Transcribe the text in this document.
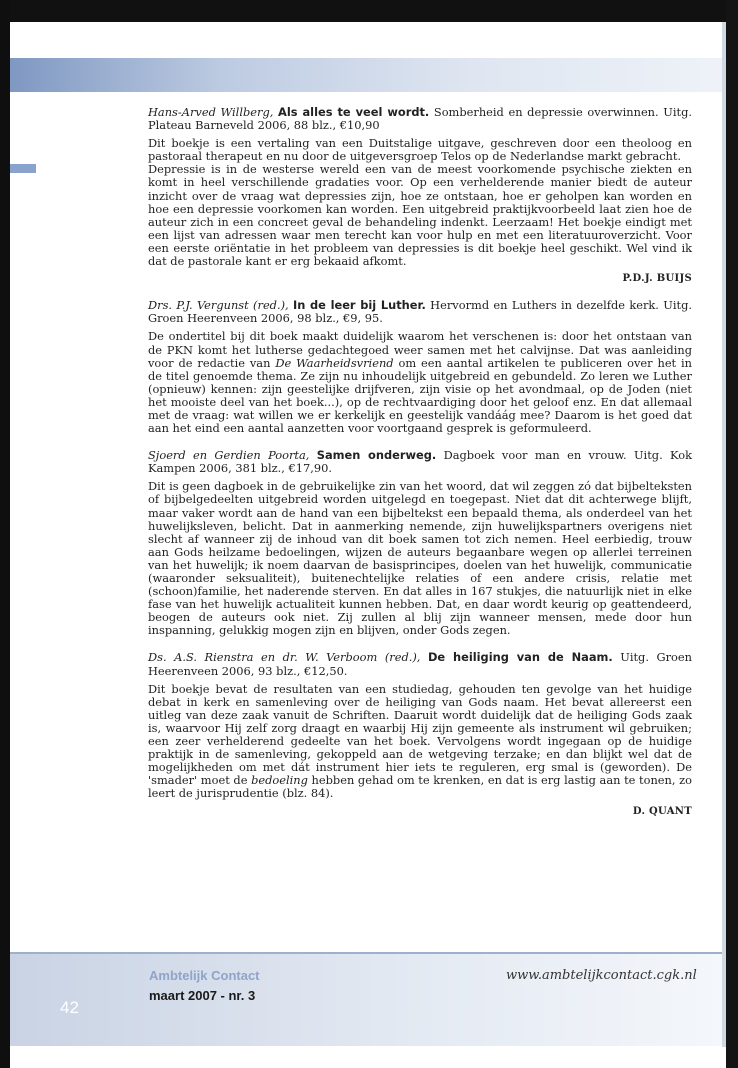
Hans-Arved Willberg, Als alles te veel wordt. Somberheid en depressie overwinnen. Uitg. Plateau Barneveld 2006, 88 blz., €10,90

Dit boekje is een vertaling van een Duitstalige uitgave, geschreven door een theoloog en pastoraal therapeut en nu door de uitgeversgroep Telos op de Nederlandse markt gebracht.

Depressie is in de westerse wereld een van de meest voorkomende psychische ziekten en komt in heel verschillende gradaties voor. Op een verhelderende manier biedt de auteur inzicht over de vraag wat depressies zijn, hoe ze ontstaan, hoe er geholpen kan worden en hoe een depressie voorkomen kan worden. Een uitgebreid praktijkvoorbeeld laat zien hoe de auteur zich in een concreet geval de behandeling indenkt. Leerzaam! Het boekje eindigt met een lijst van adressen waar men terecht kan voor hulp en met een literatuuroverzicht. Voor een eerste oriëntatie in het probleem van depressies is dit boekje heel geschikt. Wel vind ik dat de pastorale kant er erg bekaaid afkomt.

P.D.J. BUIJS

Drs. P.J. Vergunst (red.), In de leer bij Luther. Hervormd en Luthers in dezelfde kerk. Uitg. Groen Heerenveen 2006, 98 blz., €9, 95.

De ondertitel bij dit boek maakt duidelijk waarom het verschenen is: door het ontstaan van de PKN komt het lutherse gedachtegoed weer samen met het calvijnse. Dat was aanleiding voor de redactie van De Waarheidsvriend om een aantal artikelen te publiceren over het in de titel genoemde thema. Ze zijn nu inhoudelijk uitgebreid en gebundeld. Zo leren we Luther (opnieuw) kennen: zijn geestelijke drijfveren, zijn visie op het avondmaal, op de Joden (niet het mooiste deel van het boek...), op de rechtvaardiging door het geloof enz. En dat allemaal met de vraag: wat willen we er kerkelijk en geestelijk vandáág mee? Daarom is het goed dat aan het eind een aantal aanzetten voor voortgaand gesprek is geformuleerd.

Sjoerd en Gerdien Poorta, Samen onderweg. Dagboek voor man en vrouw. Uitg. Kok Kampen 2006, 381 blz., €17,90.

Dit is geen dagboek in de gebruikelijke zin van het woord, dat wil zeggen zó dat bijbelteksten of bijbelgedeelten uitgebreid worden uitgelegd en toegepast. Niet dat dit achterwege blijft, maar vaker wordt aan de hand van een bijbeltekst een bepaald thema, als onderdeel van het huwelijksleven, belicht. Dat in aanmerking nemende, zijn huwelijkspartners overigens niet slecht af wanneer zij de inhoud van dit boek samen tot zich nemen. Heel eerbiedig, trouw aan Gods heilzame bedoelingen, wijzen de auteurs begaanbare wegen op allerlei terreinen van het huwelijk; ik noem daarvan de basisprincipes, doelen van het huwelijk, communicatie (waaronder seksualiteit), buitenechtelijke relaties of een andere crisis, relatie met (schoon)familie, het naderende sterven. En dat alles in 167 stukjes, die natuurlijk niet in elke fase van het huwelijk actualiteit kunnen hebben. Dat, en daar wordt keurig op geattendeerd, beogen de auteurs ook niet. Zij zullen al blij zijn wanneer mensen, mede door hun inspanning, gelukkig mogen zijn en blijven, onder Gods zegen.

Ds. A.S. Rienstra en dr. W. Verboom (red.), De heiliging van de Naam. Uitg. Groen Heerenveen 2006, 93 blz., €12,50.

Dit boekje bevat de resultaten van een studiedag, gehouden ten gevolge van het huidige debat in kerk en samenleving over de heiliging van Gods naam. Het bevat allereerst een uitleg van deze zaak vanuit de Schriften. Daaruit wordt duidelijk dat de heiliging Gods zaak is, waarvoor Hij zelf zorg draagt en waarbij Hij zijn gemeente als instrument wil gebruiken; een zeer verhelderend gedeelte van het boek. Vervolgens wordt ingegaan op de huidige praktijk in de samenleving, gekoppeld aan de wetgeving terzake; en dan blijkt wel dat de mogelijkheden om met dát instrument hier iets te reguleren, erg smal is (geworden). De 'smader' moet de bedoeling hebben gehad om te krenken, en dat is erg lastig aan te tonen, zo leert de jurisprudentie (blz. 84).

D. QUANT
42
Ambtelijk Contact
maart 2007 - nr. 3
www.ambtelijkcontact.cgk.nl
